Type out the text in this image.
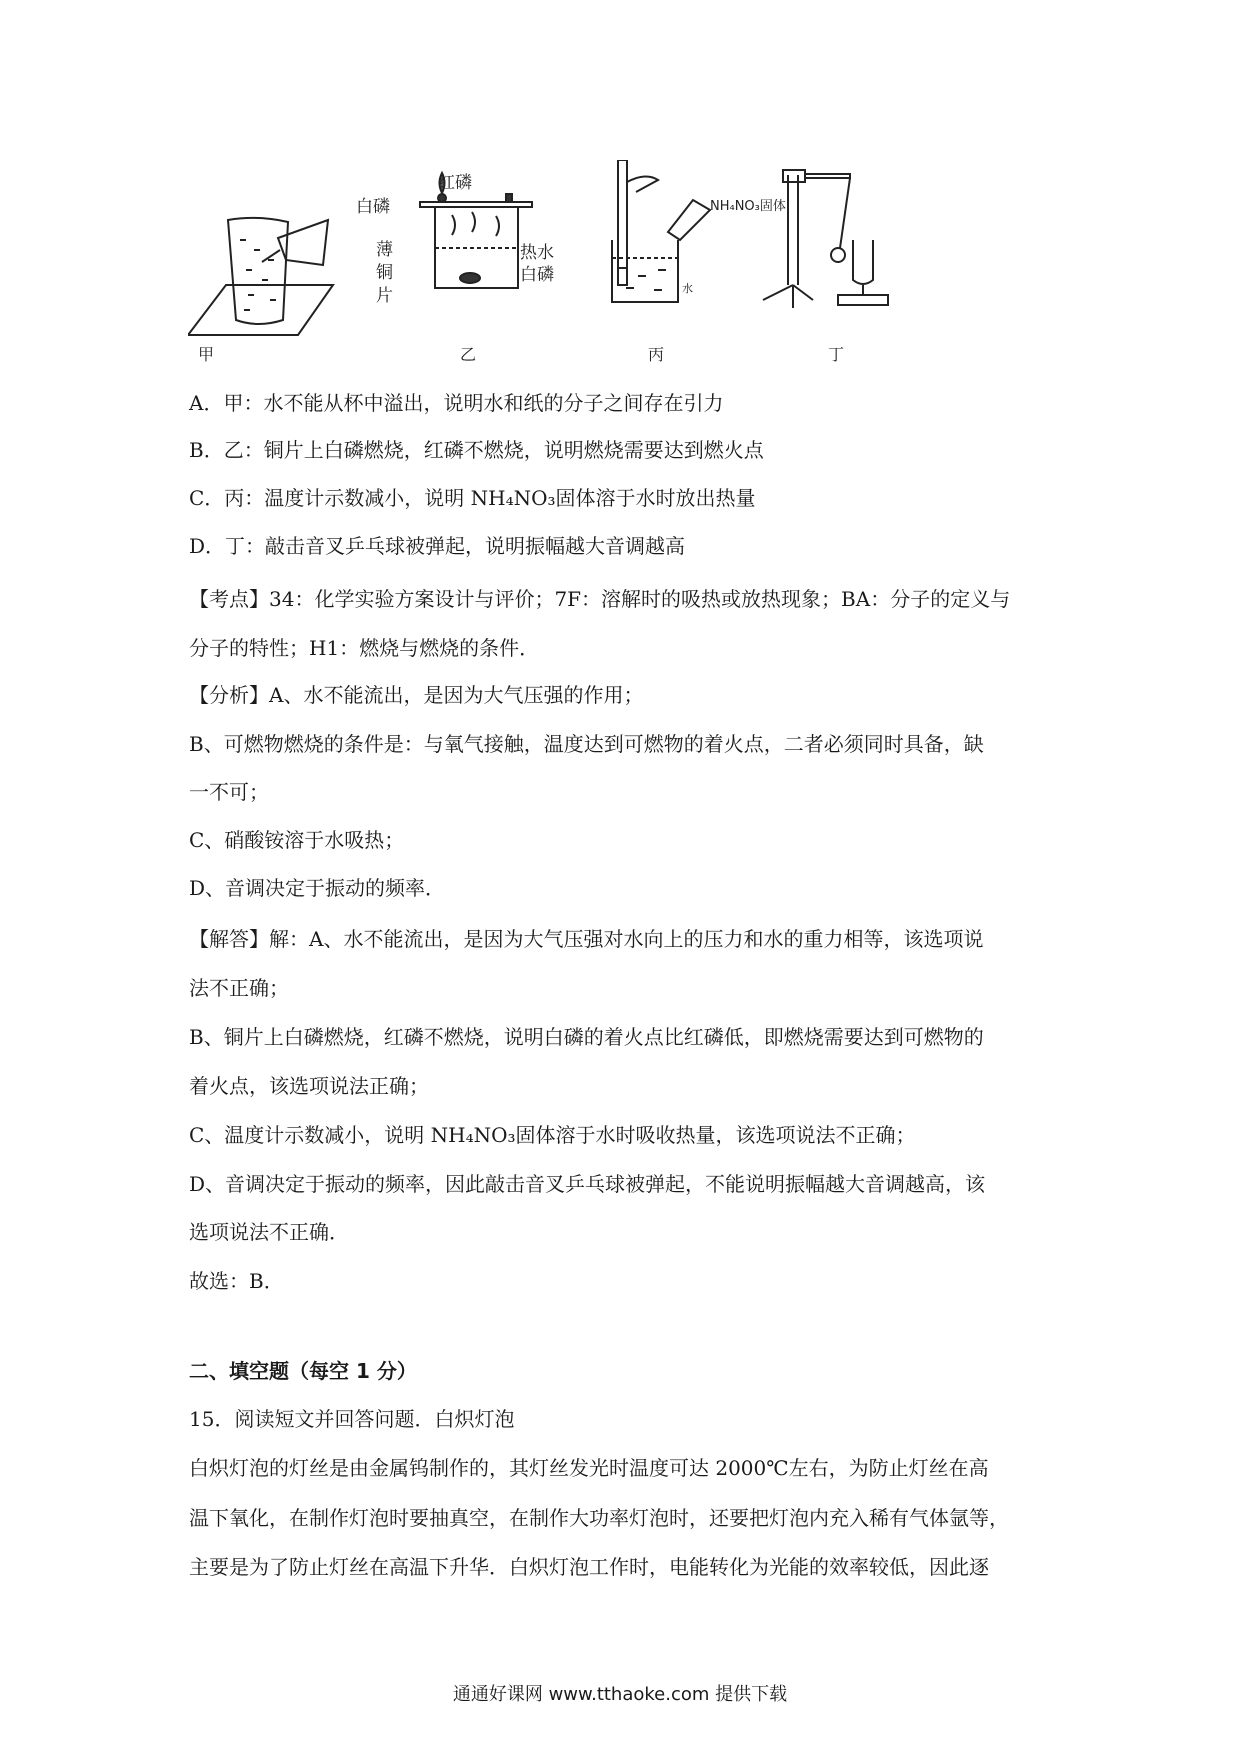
甲	乙	丙	丁
红磷
白磷
薄
铜
片
热水
白磷
NH₄NO₃固体
水
A．甲：水不能从杯中溢出，说明水和纸的分子之间存在引力
B．乙：铜片上白磷燃烧，红磷不燃烧，说明燃烧需要达到燃火点
C．丙：温度计示数减小，说明 NH₄NO₃固体溶于水时放出热量
D．丁：敲击音叉乒乓球被弹起，说明振幅越大音调越高
【考点】34：化学实验方案设计与评价；7F：溶解时的吸热或放热现象；BA：分子的定义与
分子的特性；H1：燃烧与燃烧的条件．
【分析】A、水不能流出，是因为大气压强的作用；
B、可燃物燃烧的条件是：与氧气接触，温度达到可燃物的着火点，二者必须同时具备，缺
一不可；
C、硝酸铵溶于水吸热；
D、音调决定于振动的频率．
【解答】解：A、水不能流出，是因为大气压强对水向上的压力和水的重力相等，该选项说
法不正确；
B、铜片上白磷燃烧，红磷不燃烧，说明白磷的着火点比红磷低，即燃烧需要达到可燃物的
着火点，该选项说法正确；
C、温度计示数减小，说明 NH₄NO₃固体溶于水时吸收热量，该选项说法不正确；
D、音调决定于振动的频率，因此敲击音叉乒乓球被弹起，不能说明振幅越大音调越高，该
选项说法不正确．
故选：B．
二、填空题（每空 1 分）
15．阅读短文并回答问题．白炽灯泡
白炽灯泡的灯丝是由金属钨制作的，其灯丝发光时温度可达 2000℃左右，为防止灯丝在高
温下氧化，在制作灯泡时要抽真空，在制作大功率灯泡时，还要把灯泡内充入稀有气体氩等，
主要是为了防止灯丝在高温下升华．白炽灯泡工作时，电能转化为光能的效率较低，因此逐
通通好课网 www.tthaoke.com 提供下载
